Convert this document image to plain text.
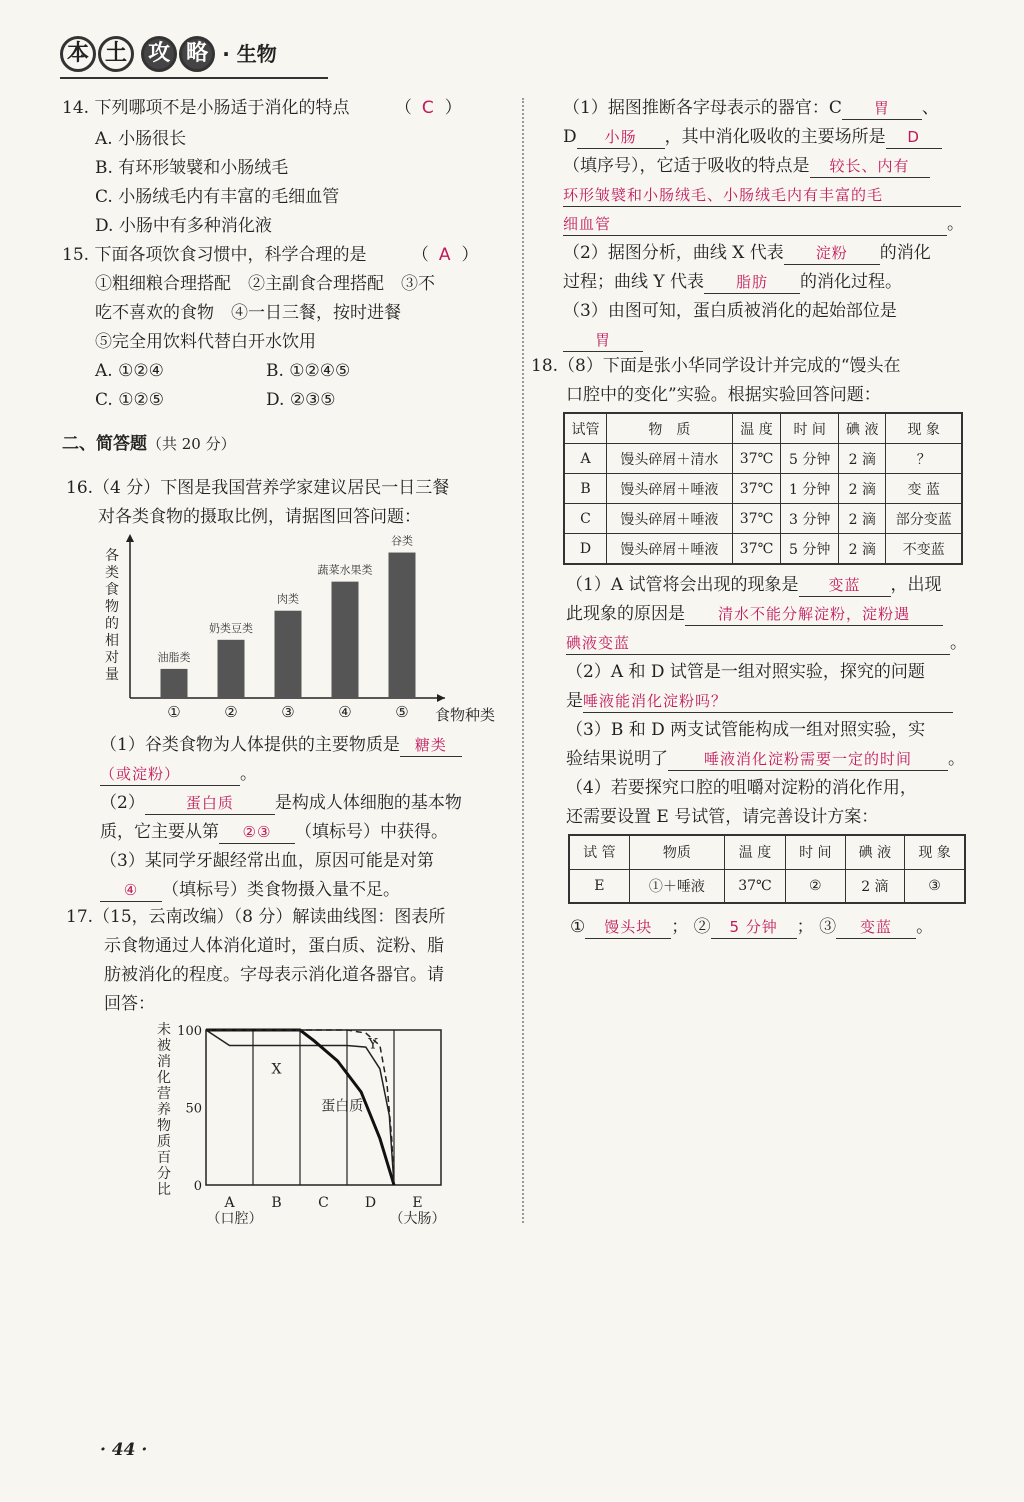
本 土 攻 略 · 生物
14. 下列哪项不是小肠适于消化的特点	（ C ）
A. 小肠很长
B. 有环形皱襞和小肠绒毛
C. 小肠绒毛内有丰富的毛细血管
D. 小肠中有多种消化液
15. 下面各项饮食习惯中，科学合理的是	（ A ）
①粗细粮合理搭配　②主副食合理搭配　③不
吃不喜欢的食物　④一日三餐，按时进餐
⑤完全用饮料代替白开水饮用
A. ①②④	B. ①②④⑤
C. ①②⑤	D. ②③⑤
二、简答题（共 20 分）
16.（4 分）下图是我国营养学家建议居民一日三餐
对各类食物的摄取比例，请据图回答问题：
各类食物的相对量
食物种类
油脂类
①
奶类豆类
②
肉类
③
蔬菜水果类
④
谷类
⑤
（1）谷类食物为人体提供的主要物质是 糖类
（或淀粉）	。
（2）	蛋白质 是构成人体细胞的基本物
质，它主要从第 ②③ （填标号）中获得。
（3）某同学牙龈经常出血，原因可能是对第
④ （填标号）类食物摄入量不足。
17.（15，云南改编）（8 分）解读曲线图：图表所
示食物通过人体消化道时，蛋白质、淀粉、脂
肪被消化的程度。字母表示消化道各器官。请
回答：
未被消化营养物质百分比
100
50
0
A	B	C	D	E
（口腔）	（大肠）
X
蛋白质
Y
（1）据图推断各字母表示的器官：C 胃 、
D 小肠 ，其中消化吸收的主要场所是 D
（填序号），它适于吸收的特点是 较长、内有
环形皱襞和小肠绒毛、小肠绒毛内有丰富的毛
细血管	。
（2）据图分析，曲线 X 代表 淀粉 的消化
过程；曲线 Y 代表 脂肪 的消化过程。
（3）由图可知，蛋白质被消化的起始部位是
胃
18.（8）下面是张小华同学设计并完成的“馒头在
口腔中的变化”实验。根据实验回答问题：
试管	物　质	温 度	时 间	碘 液	现 象
A	馒头碎屑＋清水	37℃	5 分钟	2 滴	？
B	馒头碎屑＋唾液	37℃	1 分钟	2 滴	变 蓝
C	馒头碎屑＋唾液	37℃	3 分钟	2 滴	部分变蓝
D	馒头碎屑＋唾液	37℃	5 分钟	2 滴	不变蓝
（1）A 试管将会出现的现象是 变蓝 ，出现
此现象的原因是 清水不能分解淀粉，淀粉遇
碘液变蓝	。
（2）A 和 D 试管是一组对照实验，探究的问题
是唾液能消化淀粉吗？
（3）B 和 D 两支试管能构成一组对照实验，实
验结果说明了 唾液消化淀粉需要一定的时间 。
（4）若要探究口腔的咀嚼对淀粉的消化作用，
还需要设置 E 号试管，请完善设计方案：
试 管	物质	温 度	时 间	碘 液	现 象
E	①＋唾液	37℃	②	2 滴	③
① 馒头块 ； ② 5 分钟 ； ③ 变蓝 。
· 44 ·
